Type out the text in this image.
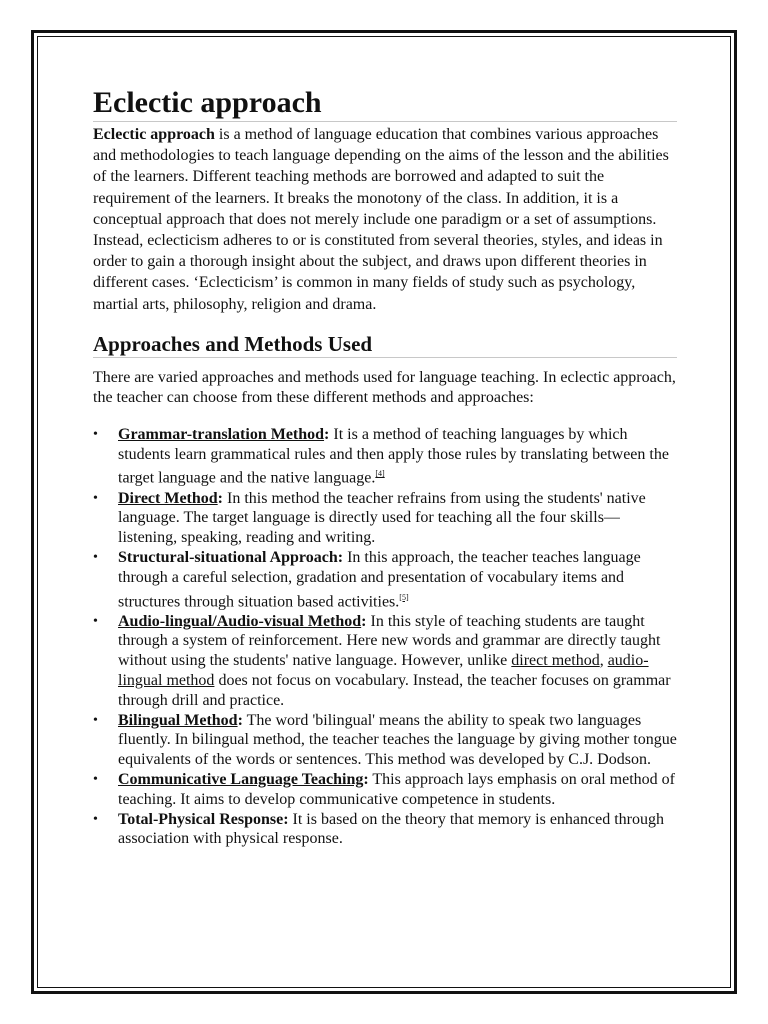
Eclectic approach

Eclectic approach is a method of language education that combines various approaches and methodologies to teach language depending on the aims of the lesson and the abilities of the learners. Different teaching methods are borrowed and adapted to suit the requirement of the learners. It breaks the monotony of the class. In addition, it is a conceptual approach that does not merely include one paradigm or a set of assumptions. Instead, eclecticism adheres to or is constituted from several theories, styles, and ideas in order to gain a thorough insight about the subject, and draws upon different theories in different cases. ‘Eclecticism’ is common in many fields of study such as psychology, martial arts, philosophy, religion and drama.

Approaches and Methods Used

There are varied approaches and methods used for language teaching. In eclectic approach, the teacher can choose from these different methods and approaches:

• Grammar-translation Method: It is a method of teaching languages by which students learn grammatical rules and then apply those rules by translating between the target language and the native language.[4]
• Direct Method: In this method the teacher refrains from using the students' native language. The target language is directly used for teaching all the four skills—listening, speaking, reading and writing.
• Structural-situational Approach: In this approach, the teacher teaches language through a careful selection, gradation and presentation of vocabulary items and structures through situation based activities.[5]
• Audio-lingual/Audio-visual Method: In this style of teaching students are taught through a system of reinforcement. Here new words and grammar are directly taught without using the students' native language. However, unlike direct method, audio-lingual method does not focus on vocabulary. Instead, the teacher focuses on grammar through drill and practice.
• Bilingual Method: The word 'bilingual' means the ability to speak two languages fluently. In bilingual method, the teacher teaches the language by giving mother tongue equivalents of the words or sentences. This method was developed by C.J. Dodson.
• Communicative Language Teaching: This approach lays emphasis on oral method of teaching. It aims to develop communicative competence in students.
• Total-Physical Response: It is based on the theory that memory is enhanced through association with physical response.
